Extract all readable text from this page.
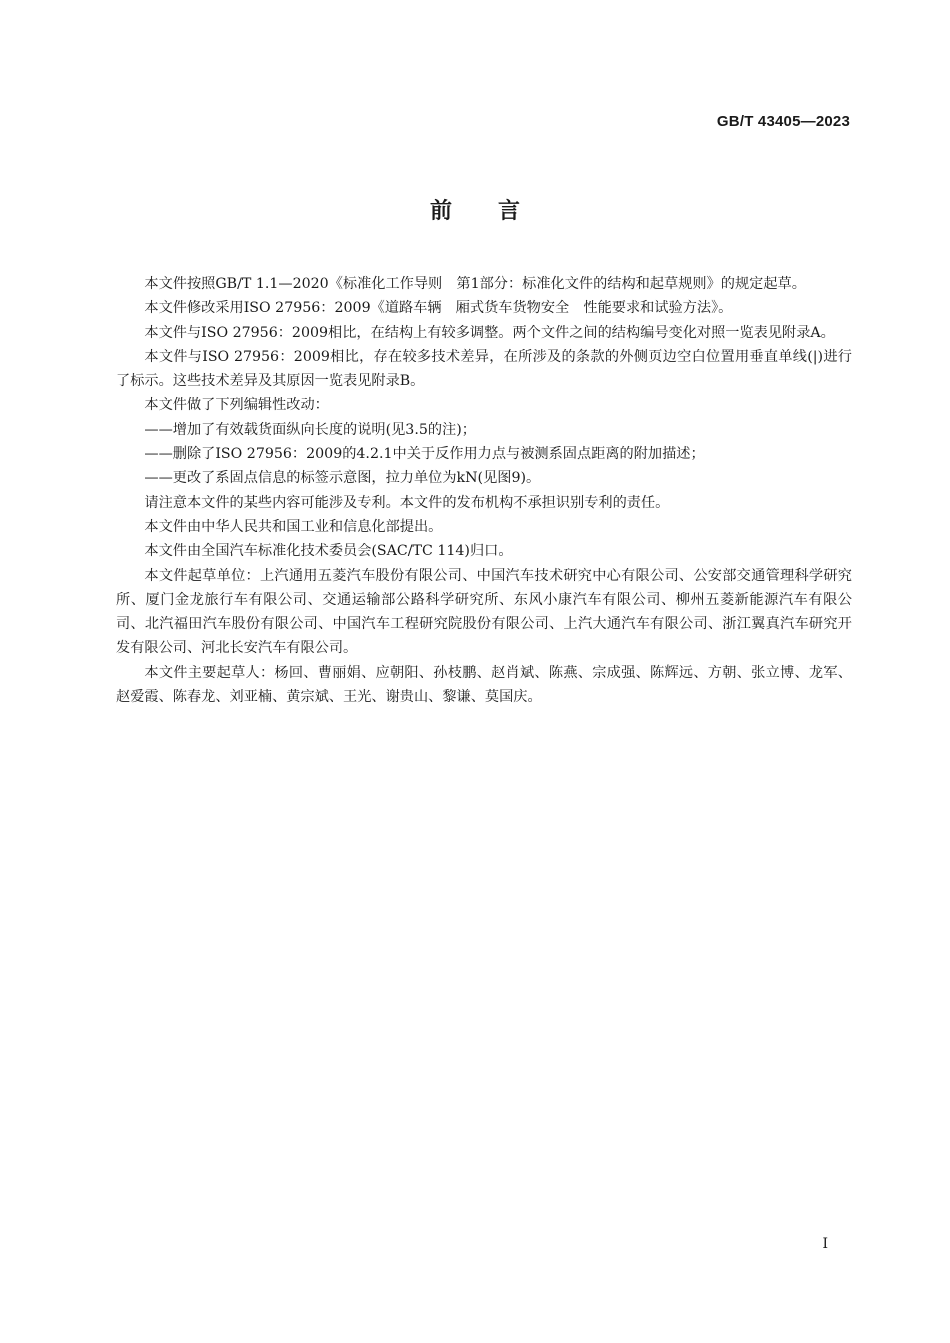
GB/T 43405—2023
前言

本文件按照GB/T 1.1—2020《标准化工作导则　第1部分：标准化文件的结构和起草规则》的规定起草。

本文件修改采用ISO 27956：2009《道路车辆　厢式货车货物安全　性能要求和试验方法》。

本文件与ISO 27956：2009相比，在结构上有较多调整。两个文件之间的结构编号变化对照一览表见附录A。

本文件与ISO 27956：2009相比，存在较多技术差异，在所涉及的条款的外侧页边空白位置用垂直单线(|)进行了标示。这些技术差异及其原因一览表见附录B。

本文件做了下列编辑性改动：

——增加了有效载货面纵向长度的说明(见3.5的注)；

——删除了ISO 27956：2009的4.2.1中关于反作用力点与被测系固点距离的附加描述；

——更改了系固点信息的标签示意图，拉力单位为kN(见图9)。

请注意本文件的某些内容可能涉及专利。本文件的发布机构不承担识别专利的责任。

本文件由中华人民共和国工业和信息化部提出。

本文件由全国汽车标准化技术委员会(SAC/TC 114)归口。

本文件起草单位：上汽通用五菱汽车股份有限公司、中国汽车技术研究中心有限公司、公安部交通管理科学研究所、厦门金龙旅行车有限公司、交通运输部公路科学研究所、东风小康汽车有限公司、柳州五菱新能源汽车有限公司、北汽福田汽车股份有限公司、中国汽车工程研究院股份有限公司、上汽大通汽车有限公司、浙江翼真汽车研究开发有限公司、河北长安汽车有限公司。

本文件主要起草人：杨回、曹丽娟、应朝阳、孙枝鹏、赵肖斌、陈燕、宗成强、陈辉远、方朝、张立博、龙军、赵爱霞、陈春龙、刘亚楠、黄宗斌、王光、谢贵山、黎谦、莫国庆。

I
